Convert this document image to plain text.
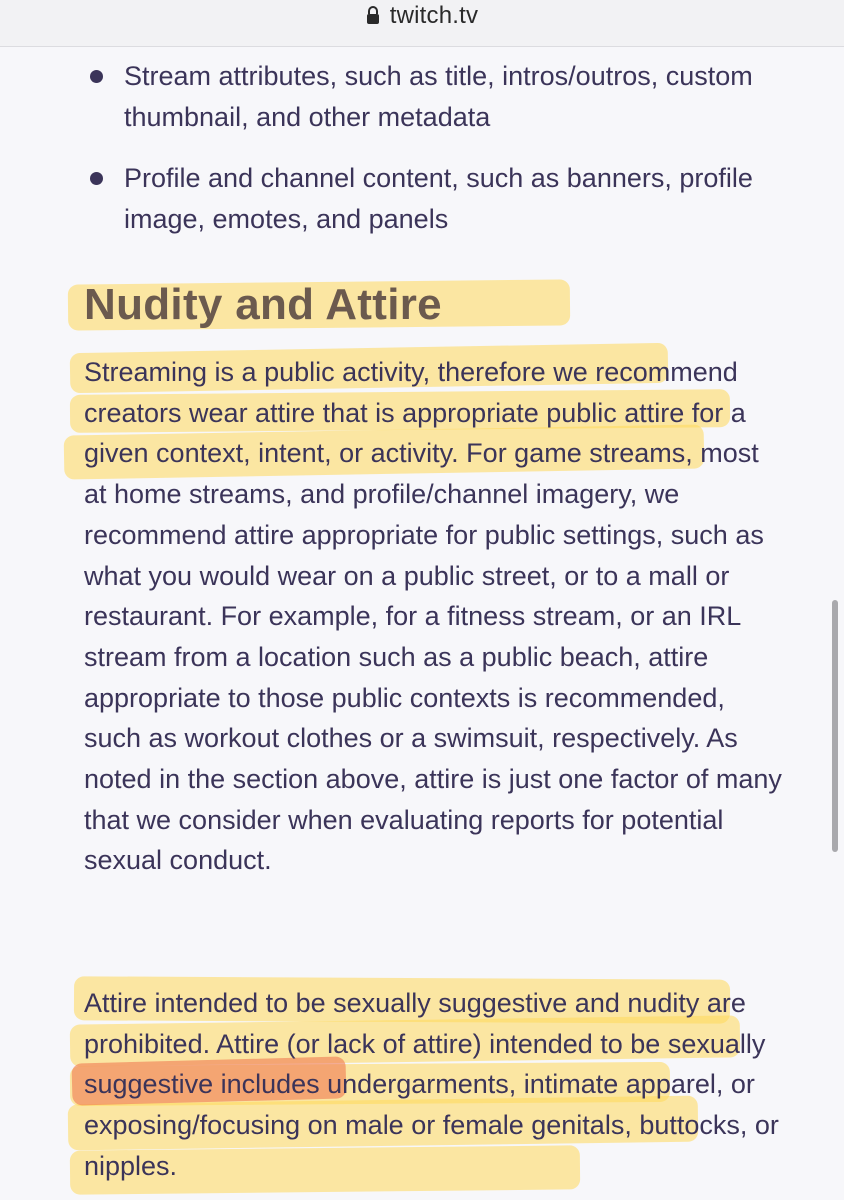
twitch.tv
Stream attributes, such as title, intros/outros, custom thumbnail, and other metadata
Profile and channel content, such as banners, profile image, emotes, and panels
Nudity and Attire

Streaming is a public activity, therefore we recommend creators wear attire that is appropriate public attire for a given context, intent, or activity. For game streams, most at home streams, and profile/channel imagery, we recommend attire appropriate for public settings, such as what you would wear on a public street, or to a mall or restaurant. For example, for a fitness stream, or an IRL stream from a location such as a public beach, attire appropriate to those public contexts is recommended, such as workout clothes or a swimsuit, respectively. As noted in the section above, attire is just one factor of many that we consider when evaluating reports for potential sexual conduct.

Attire intended to be sexually suggestive and nudity are prohibited. Attire (or lack of attire) intended to be sexually suggestive includes undergarments, intimate apparel, or exposing/focusing on male or female genitals, buttocks, or nipples.
